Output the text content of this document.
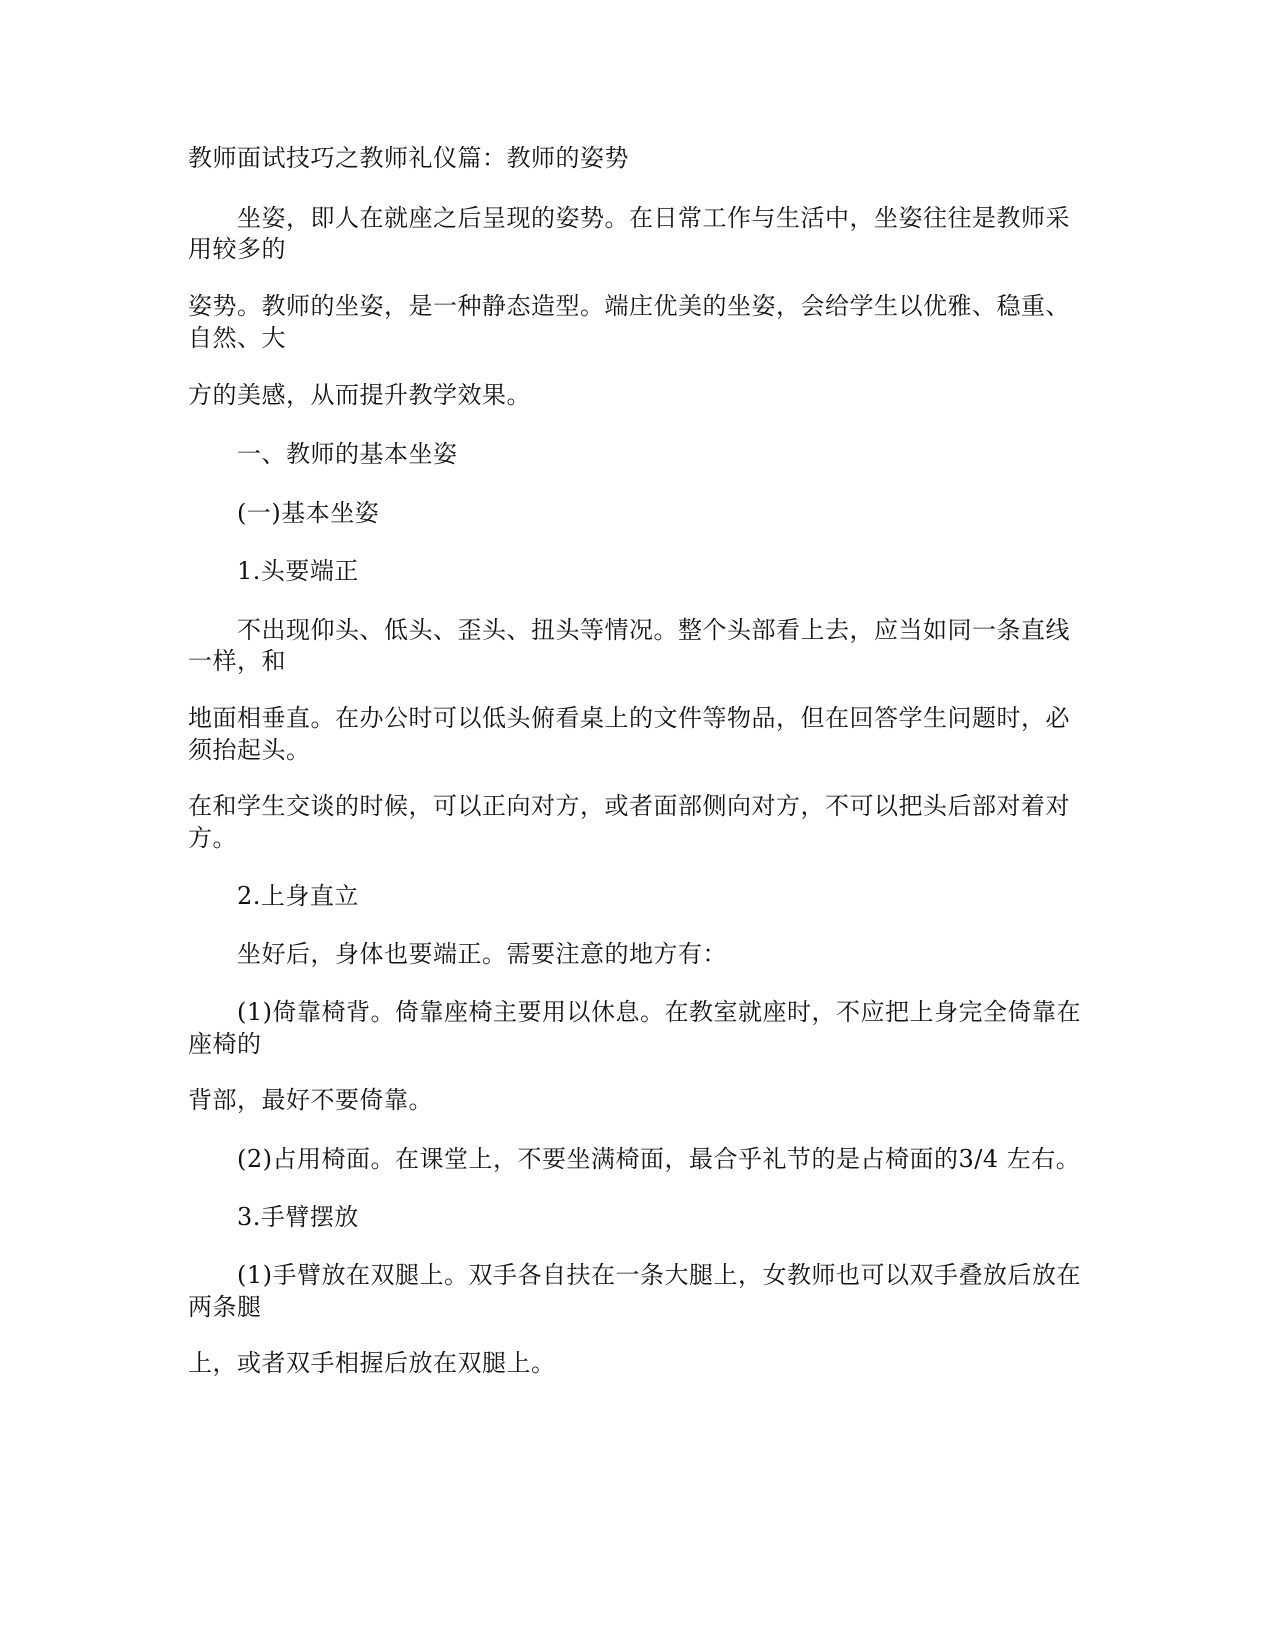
教师面试技巧之教师礼仪篇：教师的姿势
坐姿，即人在就座之后呈现的姿势。在日常工作与生活中，坐姿往往是教师采
用较多的
姿势。教师的坐姿，是一种静态造型。端庄优美的坐姿，会给学生以优雅、稳重、
自然、大
方的美感，从而提升教学效果。
一、教师的基本坐姿
(一)基本坐姿
1.头要端正
不出现仰头、低头、歪头、扭头等情况。整个头部看上去，应当如同一条直线
一样，和
地面相垂直。在办公时可以低头俯看桌上的文件等物品，但在回答学生问题时，必
须抬起头。
在和学生交谈的时候，可以正向对方，或者面部侧向对方，不可以把头后部对着对
方。
2.上身直立
坐好后，身体也要端正。需要注意的地方有：
(1)倚靠椅背。倚靠座椅主要用以休息。在教室就座时，不应把上身完全倚靠在
座椅的
背部，最好不要倚靠。
(2)占用椅面。在课堂上，不要坐满椅面，最合乎礼节的是占椅面的3/4 左右。
3.手臂摆放
(1)手臂放在双腿上。双手各自扶在一条大腿上，女教师也可以双手叠放后放在
两条腿
上，或者双手相握后放在双腿上。
